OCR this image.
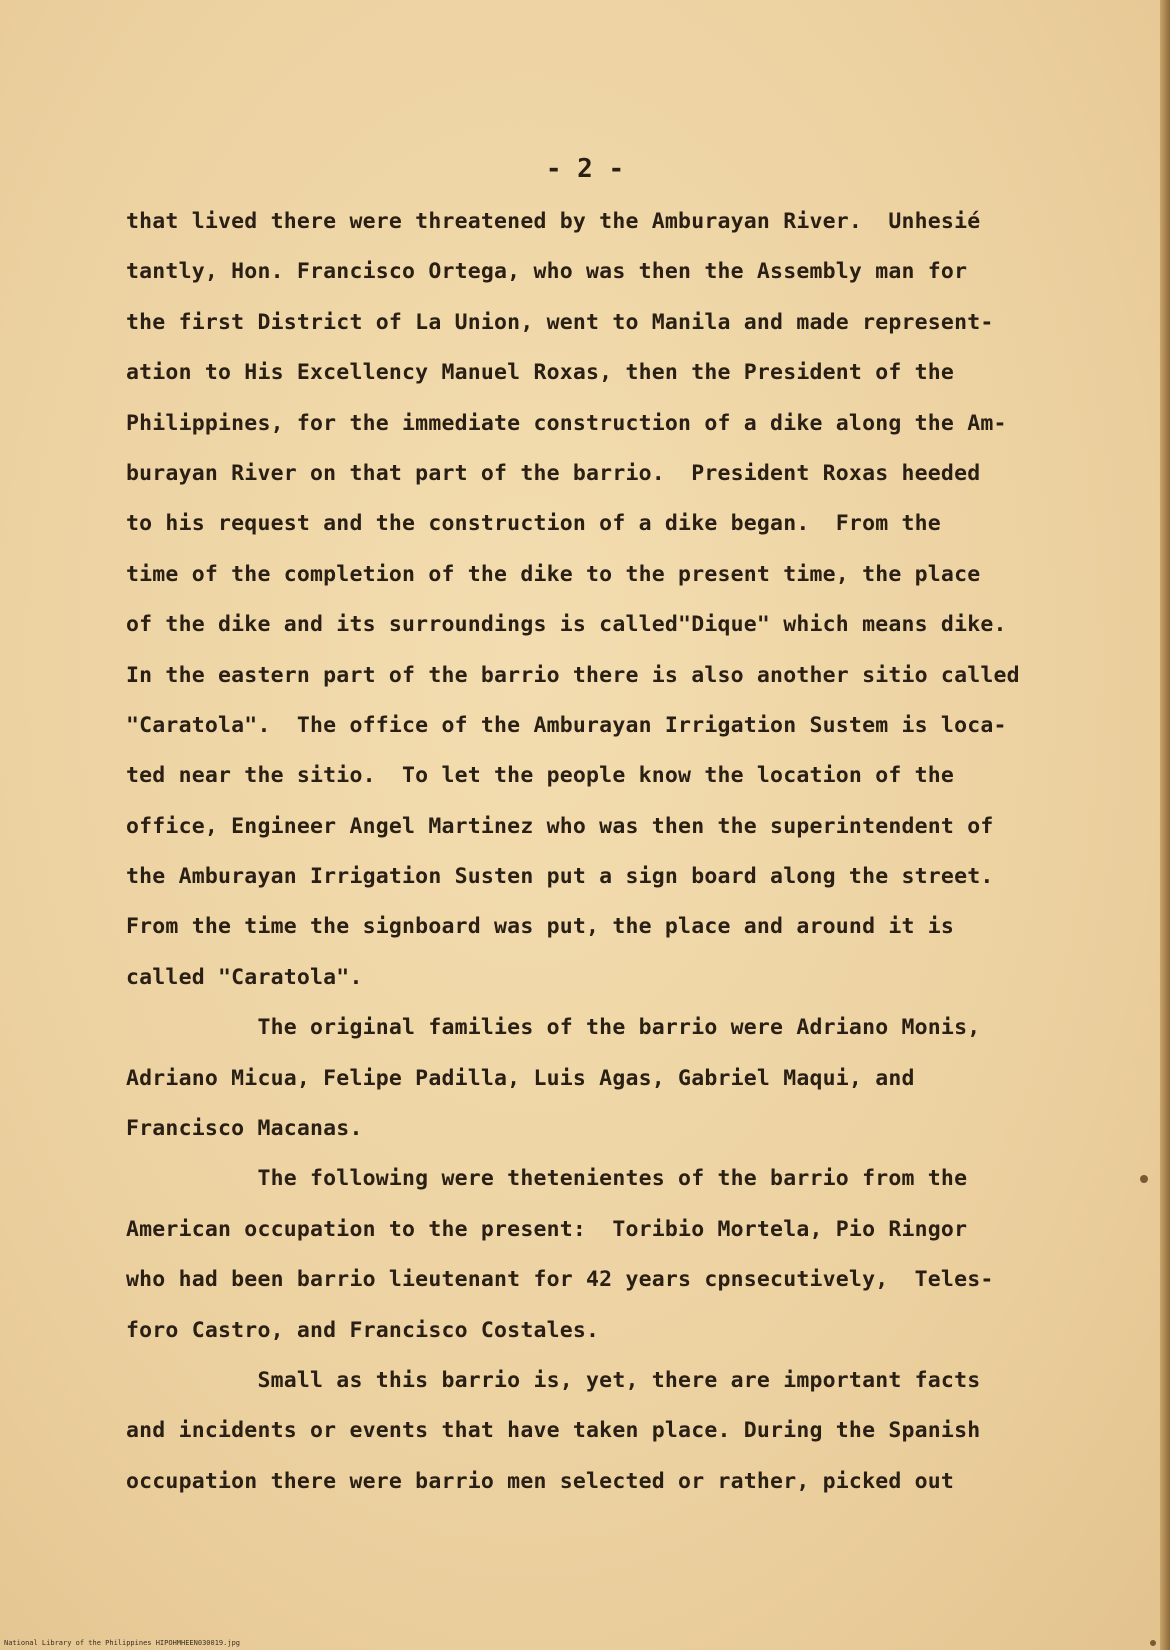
- 2 -
that lived there were threatened by the Amburayan River.  Unhesié
tantly, Hon. Francisco Ortega, who was then the Assembly man for
the first District of La Union, went to Manila and made represent-
ation to His Excellency Manuel Roxas, then the President of the
Philippines, for the immediate construction of a dike along the Am-
burayan River on that part of the barrio.  President Roxas heeded
to his request and the construction of a dike began.  From the
time of the completion of the dike to the present time, the place
of the dike and its surroundings is called"Dique" which means dike.
In the eastern part of the barrio there is also another sitio called
"Caratola".  The office of the Amburayan Irrigation Sustem is loca-
ted near the sitio.  To let the people know the location of the
office, Engineer Angel Martinez who was then the superintendent of
the Amburayan Irrigation Susten put a sign board along the street.
From the time the signboard was put, the place and around it is
called "Caratola".
The original families of the barrio were Adriano Monis,
Adriano Micua, Felipe Padilla, Luis Agas, Gabriel Maqui, and
Francisco Macanas.
The following were thetenientes of the barrio from the
American occupation to the present:  Toribio Mortela, Pio Ringor
who had been barrio lieutenant for 42 years cpnsecutively,  Teles-
foro Castro, and Francisco Costales.
Small as this barrio is, yet, there are important facts
and incidents or events that have taken place. During the Spanish
occupation there were barrio men selected or rather, picked out
National Library of the Philippines HIPOHMHEEN030019.jpg
